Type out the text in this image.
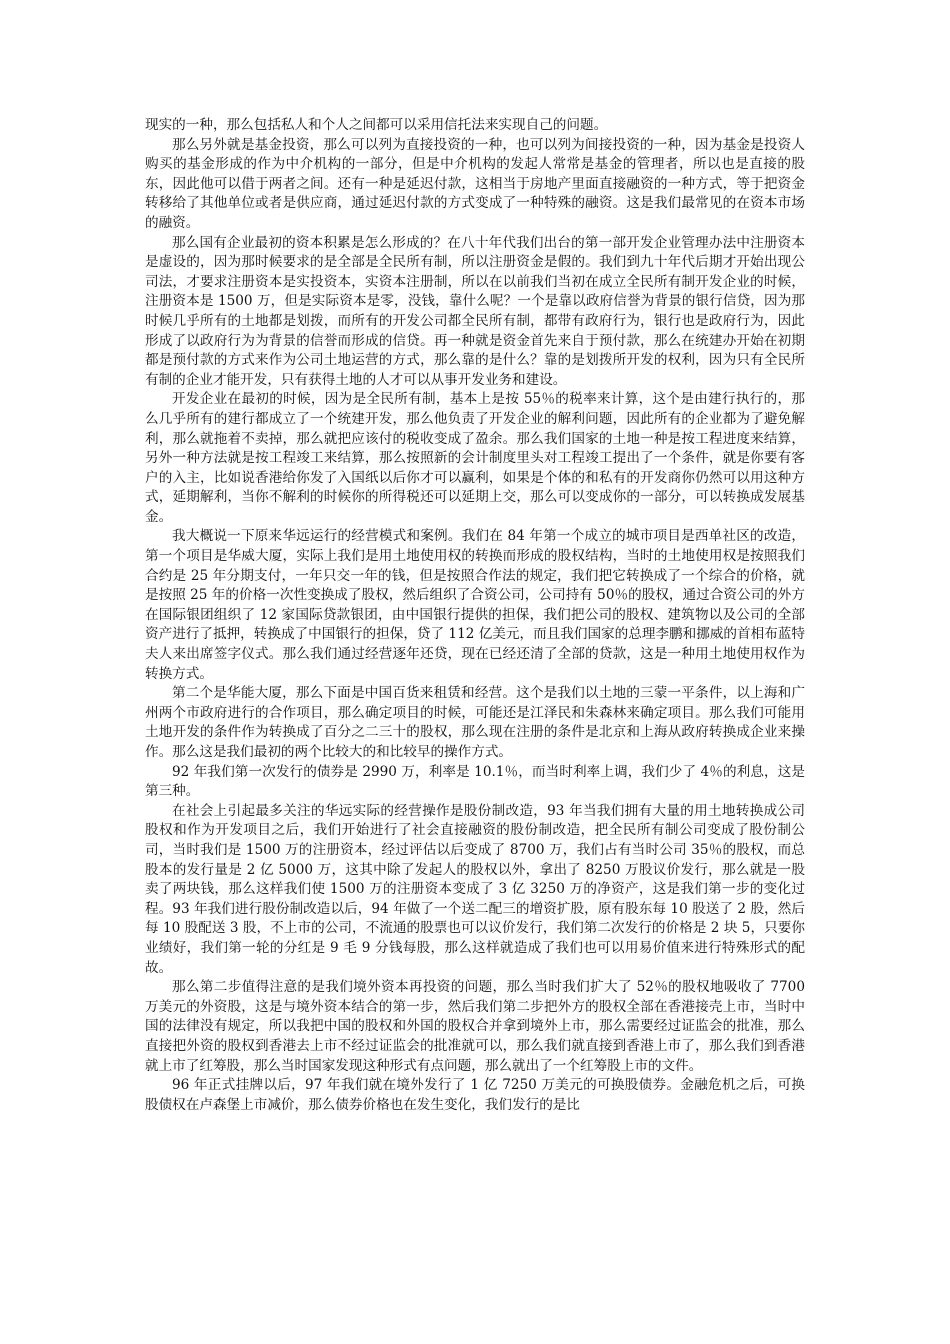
现实的一种，那么包括私人和个人之间都可以采用信托法来实现自己的问题。

那么另外就是基金投资，那么可以列为直接投资的一种，也可以列为间接投资的一种，因为基金是投资人购买的基金形成的作为中介机构的一部分，但是中介机构的发起人常常是基金的管理者，所以也是直接的股东，因此他可以借于两者之间。还有一种是延迟付款，这相当于房地产里面直接融资的一种方式，等于把资金转移给了其他单位或者是供应商，通过延迟付款的方式变成了一种特殊的融资。这是我们最常见的在资本市场的融资。

那么国有企业最初的资本积累是怎么形成的？在八十年代我们出台的第一部开发企业管理办法中注册资本是虚设的，因为那时候要求的是全部是全民所有制，所以注册资金是假的。我们到九十年代后期才开始出现公司法，才要求注册资本是实投资本，实资本注册制，所以在以前我们当初在成立全民所有制开发企业的时候，注册资本是 1500 万，但是实际资本是零，没钱，靠什么呢？一个是靠以政府信誉为背景的银行信贷，因为那时候几乎所有的土地都是划拨，而所有的开发公司都全民所有制，都带有政府行为，银行也是政府行为，因此形成了以政府行为为背景的信誉而形成的信贷。再一种就是资金首先来自于预付款，那么在统建办开始在初期都是预付款的方式来作为公司土地运营的方式，那么靠的是什么？靠的是划拨所开发的权利，因为只有全民所有制的企业才能开发，只有获得土地的人才可以从事开发业务和建设。

开发企业在最初的时候，因为是全民所有制，基本上是按 55％的税率来计算，这个是由建行执行的，那么几乎所有的建行都成立了一个统建开发，那么他负责了开发企业的解利问题，因此所有的企业都为了避免解利，那么就拖着不卖掉，那么就把应该付的税收变成了盈余。那么我们国家的土地一种是按工程进度来结算，另外一种方法就是按工程竣工来结算，那么按照新的会计制度里头对工程竣工提出了一个条件，就是你要有客户的入主，比如说香港给你发了入国纸以后你才可以赢利，如果是个体的和私有的开发商你仍然可以用这种方式，延期解利，当你不解利的时候你的所得税还可以延期上交，那么可以变成你的一部分，可以转换成发展基金。

我大概说一下原来华远运行的经营模式和案例。我们在 84 年第一个成立的城市项目是西单社区的改造，第一个项目是华威大厦，实际上我们是用土地使用权的转换而形成的股权结构，当时的土地使用权是按照我们合约是 25 年分期支付，一年只交一年的钱，但是按照合作法的规定，我们把它转换成了一个综合的价格，就是按照 25 年的价格一次性变换成了股权，然后组织了合资公司，公司持有 50％的股权，通过合资公司的外方在国际银团组织了 12 家国际贷款银团，由中国银行提供的担保，我们把公司的股权、建筑物以及公司的全部资产进行了抵押，转换成了中国银行的担保，贷了 112 亿美元，而且我们国家的总理李鹏和挪威的首相布蓝特夫人来出席签字仪式。那么我们通过经营逐年还贷，现在已经还清了全部的贷款，这是一种用土地使用权作为转换方式。

第二个是华能大厦，那么下面是中国百货来租赁和经营。这个是我们以土地的三蒙一平条件，以上海和广州两个市政府进行的合作项目，那么确定项目的时候，可能还是江泽民和朱森林来确定项目。那么我们可能用土地开发的条件作为转换成了百分之二三十的股权，那么现在注册的条件是北京和上海从政府转换成企业来操作。那么这是我们最初的两个比较大的和比较早的操作方式。

92 年我们第一次发行的债券是 2990 万，利率是 10.1％，而当时利率上调，我们少了 4％的利息，这是第三种。

在社会上引起最多关注的华远实际的经营操作是股份制改造，93 年当我们拥有大量的用土地转换成公司股权和作为开发项目之后，我们开始进行了社会直接融资的股份制改造，把全民所有制公司变成了股份制公司，当时我们是 1500 万的注册资本，经过评估以后变成了 8700 万，我们占有当时公司 35％的股权，而总股本的发行量是 2 亿 5000 万，这其中除了发起人的股权以外，拿出了 8250 万股议价发行，那么就是一股卖了两块钱，那么这样我们使 1500 万的注册资本变成了 3 亿 3250 万的净资产，这是我们第一步的变化过程。93 年我们进行股份制改造以后，94 年做了一个送二配三的增资扩股，原有股东每 10 股送了 2 股，然后每 10 股配送 3 股，不上市的公司，不流通的股票也可以议价发行，我们第二次发行的价格是 2 块 5，只要你业绩好，我们第一轮的分红是 9 毛 9 分钱每股，那么这样就造成了我们也可以用易价值来进行特殊形式的配故。

那么第二步值得注意的是我们境外资本再投资的问题，那么当时我们扩大了 52％的股权地吸收了 7700 万美元的外资股，这是与境外资本结合的第一步，然后我们第二步把外方的股权全部在香港接壳上市，当时中国的法律没有规定，所以我把中国的股权和外国的股权合并拿到境外上市，那么需要经过证监会的批准，那么直接把外资的股权到香港去上市不经过证监会的批准就可以，那么我们就直接到香港上市了，那么我们到香港就上市了红筹股，那么当时国家发现这种形式有点问题，那么就出了一个红筹股上市的文件。

96 年正式挂牌以后，97 年我们就在境外发行了 1 亿 7250 万美元的可换股债券。金融危机之后，可换股债权在卢森堡上市减价，那么债券价格也在发生变化，我们发行的是比
